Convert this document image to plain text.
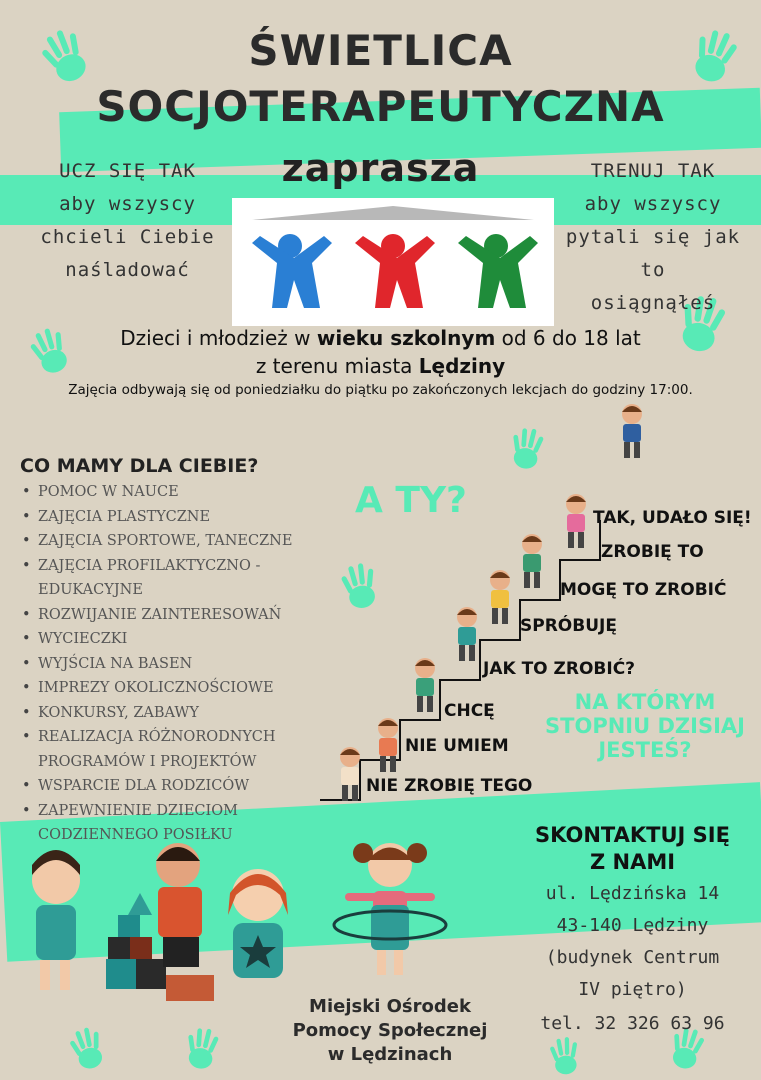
ŚWIETLICA
SOCJOTERAPEUTYCZNA
zaprasza
UCZ SIĘ TAK
aby wszyscy
chcieli Ciebie
naśladować
TRENUJ TAK
aby wszyscy
pytali się jak to
osiągnąłeś
Dzieci i młodzież w wieku szkolnym od 6 do 18 lat
z terenu miasta Lędziny
Zajęcia odbywają się od poniedziałku do piątku po zakończonych lekcjach do godziny 17:00.
CO MAMY DLA CIEBIE?
• POMOC W NAUCE
• ZAJĘCIA PLASTYCZNE
• ZAJĘCIA SPORTOWE, TANECZNE
• ZAJĘCIA PROFILAKTYCZNO -
EDUKACYJNE
• ROZWIJANIE ZAINTERESOWAŃ
• WYCIECZKI
• WYJŚCIA NA BASEN
• IMPREZY OKOLICZNOŚCIOWE
• KONKURSY, ZABAWY
• REALIZACJA RÓŻNORODNYCH
PROGRAMÓW I PROJEKTÓW
• WSPARCIE DLA RODZICÓW
• ZAPEWNIENIE DZIECIOM
CODZIENNEGO POSIŁKU
A TY?
NIE ZROBIĘ TEGO
NIE UMIEM
CHCĘ
JAK TO ZROBIĆ?
SPRÓBUJĘ
MOGĘ TO ZROBIĆ
ZROBIĘ TO
TAK, UDAŁO SIĘ!
NA KTÓRYM
STOPNIU DZISIAJ
JESTEŚ?
Miejski Ośrodek
Pomocy Społecznej
w Lędzinach
SKONTAKTUJ SIĘ
Z NAMI
ul. Lędzińska 14
43-140 Lędziny
(budynek Centrum
IV piętro)
tel. 32 326 63 96
